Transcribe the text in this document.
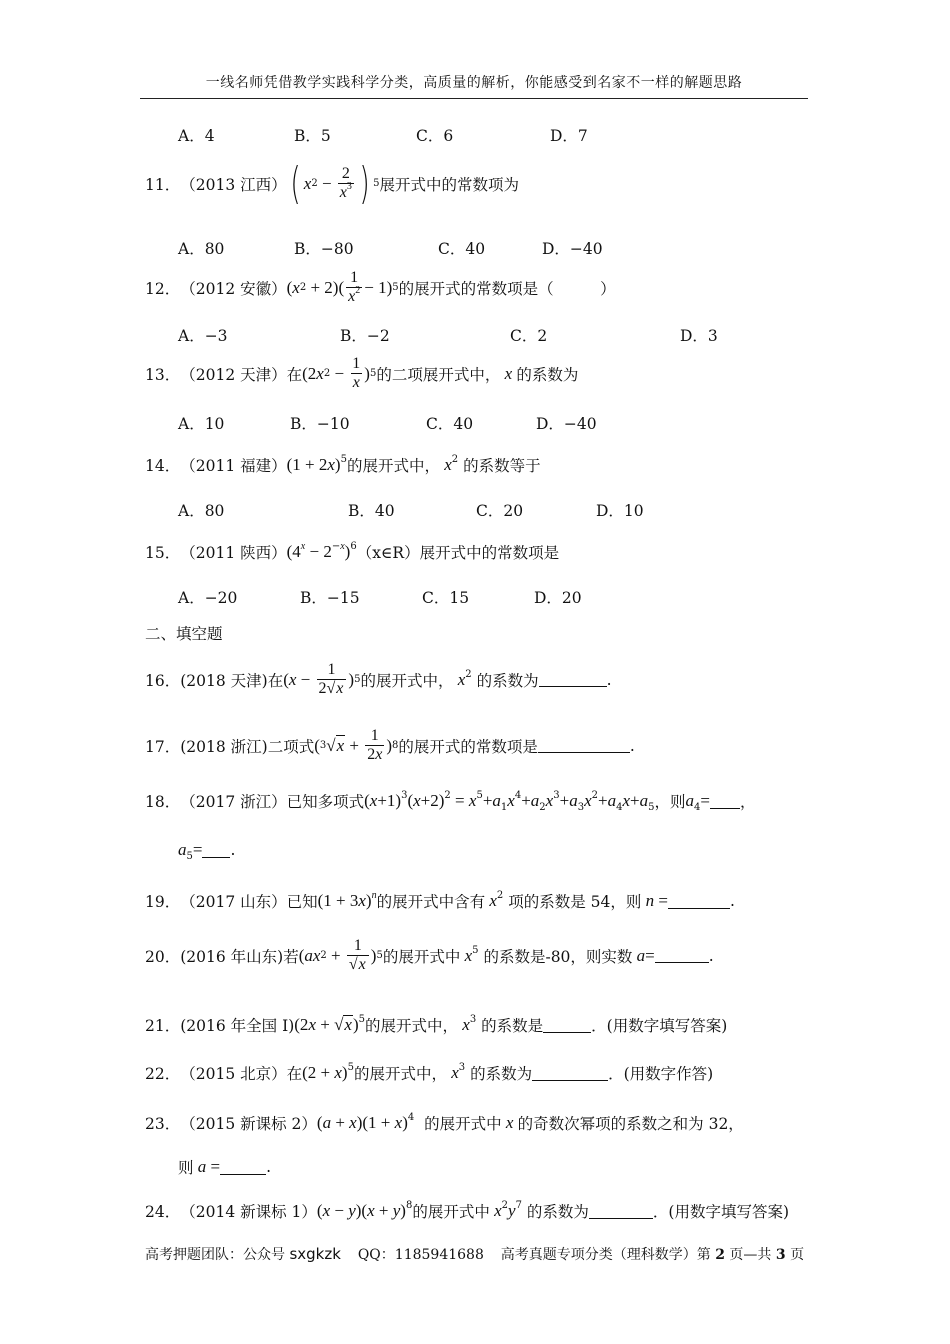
一线名师凭借教学实践科学分类，高质量的解析，你能感受到名家不一样的解题思路
A．4	B．5	C．6	D．7
11． （2013 江西） ( x $2 - \frac{2}{x^3}$ ) 5 展开式中的常数项为
A．80	B．−80	C．40	D．−40
12． （2012 安徽） ( x $2 + 2)( \frac{1}{x^2} - 1)$ 5 的展开式的常数项是（　　　）
A．−3	B．−2	C．2	D．3
13． （2012 天津）在 (2 x $2 - \frac{1}{x}$ ) 5 的二项展开式中， x 的系数为
A．10	B．−10	C．40	D．−40
14． （2011 福建） $(1 + 2x)^5$ 的展开式中， $x^2$ 的系数等于
A．80	B．40	C．20	D．10
15． （2011 陕西） $(4^x - 2^{-x})^6$ （x∈R） 展开式中的常数项是
A．−20	B．−15	C．15	D．20
二、填空题
16． (2018 天津)在 ( $x - \frac{1}{2√x}$ ) 5 的展开式中， $x^2$ 的系数为	.
17． (2018 浙江)二项式 ( 3 √ $x + \frac{1}{2x}$ ) 8 的展开式的常数项是	.
18． （2017 浙江）已知多项式 $(x+1)^3(x+2)^2 = x^5+a_1x^4+a_2x^3+a_3x^2+a_4x+a_5$ ，则 $a_4=$ ，
$a_5=$ .
19． （2017 山东）已知 $(1 + 3x)^n$ 的展开式中含有 $x^2$ 项的系数是 54，则 n =	.
20． (2016 年山东)若 ( ax $2 + \frac{1}{√x}$ ) 5 的展开式中 $x^5$ 的系数是-80，则实数 a=	.
21． (2016 年全国 I) $(2x + √x)^5$ 的展开式中， $x^3$ 的系数是	．(用数字填写答案)
22． （2015 北京）在 $(2 + x)^5$ 的展开式中， $x^3$ 的系数为	．(用数字作答)
23． （2015 新课标 2） $(a + x)(1 + x)^4$ 的展开式中 x 的奇数次幂项的系数之和为 32，
则 a =	.
24． （2014 新课标 1） $(x - y)(x + y)^8$ 的展开式中 $x^2y^7$ 的系数为	．(用数字填写答案)
高考押题团队：公众号 sxgkzk QQ：1185941688 高考真题专项分类（理科数学）第 2 页—共 3 页
